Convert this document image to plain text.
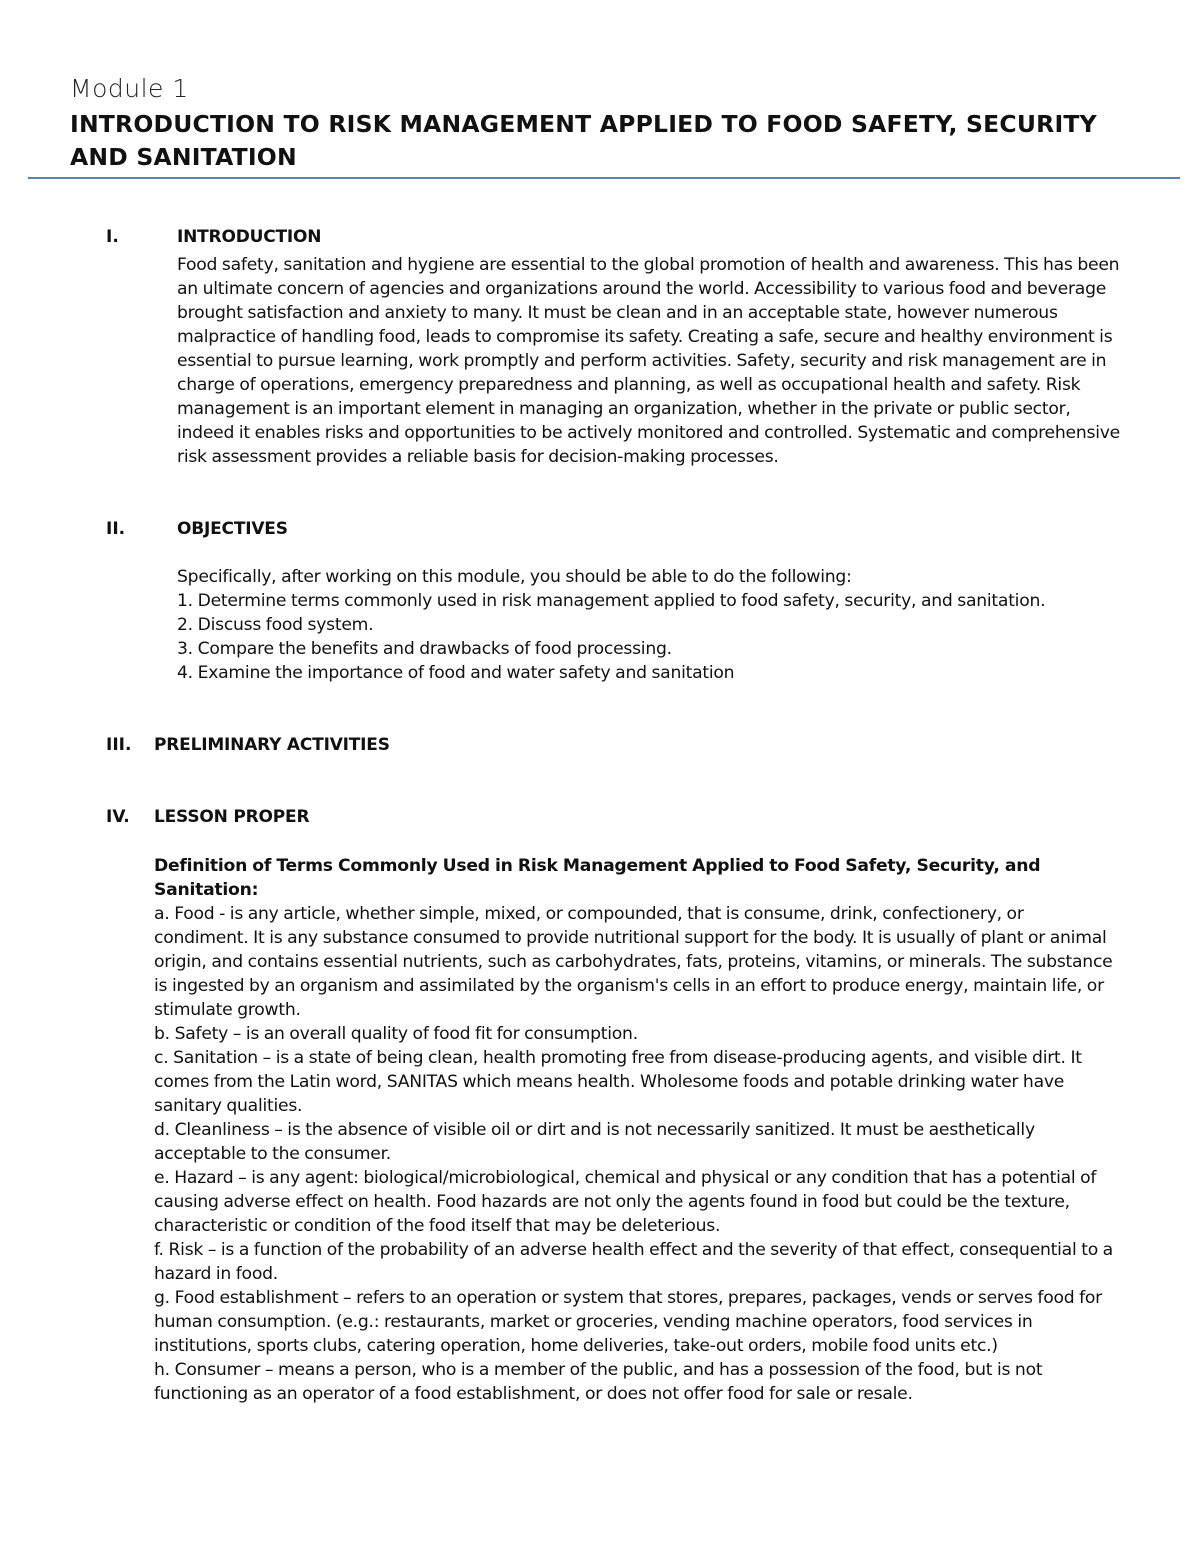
Module 1
INTRODUCTION TO RISK MANAGEMENT APPLIED TO FOOD SAFETY, SECURITY AND SANITATION
I.	INTRODUCTION
Food safety, sanitation and hygiene are essential to the global promotion of health and awareness. This has been an ultimate concern of agencies and organizations around the world. Accessibility to various food and beverage brought satisfaction and anxiety to many. It must be clean and in an acceptable state, however numerous malpractice of handling food, leads to compromise its safety. Creating a safe, secure and healthy environment is essential to pursue learning, work promptly and perform activities. Safety, security and risk management are in charge of operations, emergency preparedness and planning, as well as occupational health and safety. Risk management is an important element in managing an organization, whether in the private or public sector, indeed it enables risks and opportunities to be actively monitored and controlled. Systematic and comprehensive risk assessment provides a reliable basis for decision-making processes.
II.	OBJECTIVES

Specifically, after working on this module, you should be able to do the following:

1. Determine terms commonly used in risk management applied to food safety, security, and sanitation.

2. Discuss food system.

3. Compare the benefits and drawbacks of food processing.

4. Examine the importance of food and water safety and sanitation

III. PRELIMINARY ACTIVITIES
IV. LESSON PROPER

Definition of Terms Commonly Used in Risk Management Applied to Food Safety, Security, and Sanitation:

a. Food - is any article, whether simple, mixed, or compounded, that is consume, drink, confectionery, or condiment. It is any substance consumed to provide nutritional support for the body. It is usually of plant or animal origin, and contains essential nutrients, such as carbohydrates, fats, proteins, vitamins, or minerals. The substance is ingested by an organism and assimilated by the organism's cells in an effort to produce energy, maintain life, or stimulate growth.

b. Safety – is an overall quality of food fit for consumption.

c. Sanitation – is a state of being clean, health promoting free from disease-producing agents, and visible dirt. It comes from the Latin word, SANITAS which means health. Wholesome foods and potable drinking water have sanitary qualities.

d. Cleanliness – is the absence of visible oil or dirt and is not necessarily sanitized. It must be aesthetically acceptable to the consumer.

e. Hazard – is any agent: biological/microbiological, chemical and physical or any condition that has a potential of causing adverse effect on health. Food hazards are not only the agents found in food but could be the texture, characteristic or condition of the food itself that may be deleterious.

f. Risk – is a function of the probability of an adverse health effect and the severity of that effect, consequential to a hazard in food.

g. Food establishment – refers to an operation or system that stores, prepares, packages, vends or serves food for human consumption. (e.g.: restaurants, market or groceries, vending machine operators, food services in institutions, sports clubs, catering operation, home deliveries, take-out orders, mobile food units etc.)

h. Consumer – means a person, who is a member of the public, and has a possession of the food, but is not functioning as an operator of a food establishment, or does not offer food for sale or resale.
